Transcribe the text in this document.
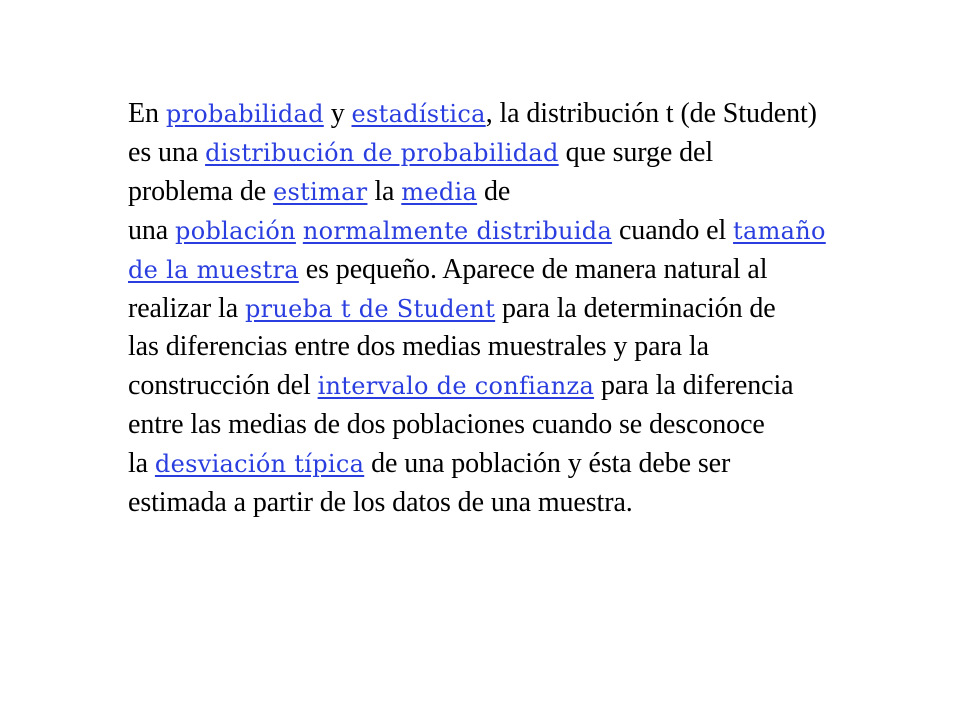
En probabilidad y estadística, la distribución t (de Student)
es una distribución de probabilidad que surge del
problema de estimar la media de
una población normalmente distribuida cuando el tamaño
de la muestra es pequeño. Aparece de manera natural al
realizar la prueba t de Student para la determinación de
las diferencias entre dos medias muestrales y para la
construcción del intervalo de confianza para la diferencia
entre las medias de dos poblaciones cuando se desconoce
la desviación típica de una población y ésta debe ser
estimada a partir de los datos de una muestra.
